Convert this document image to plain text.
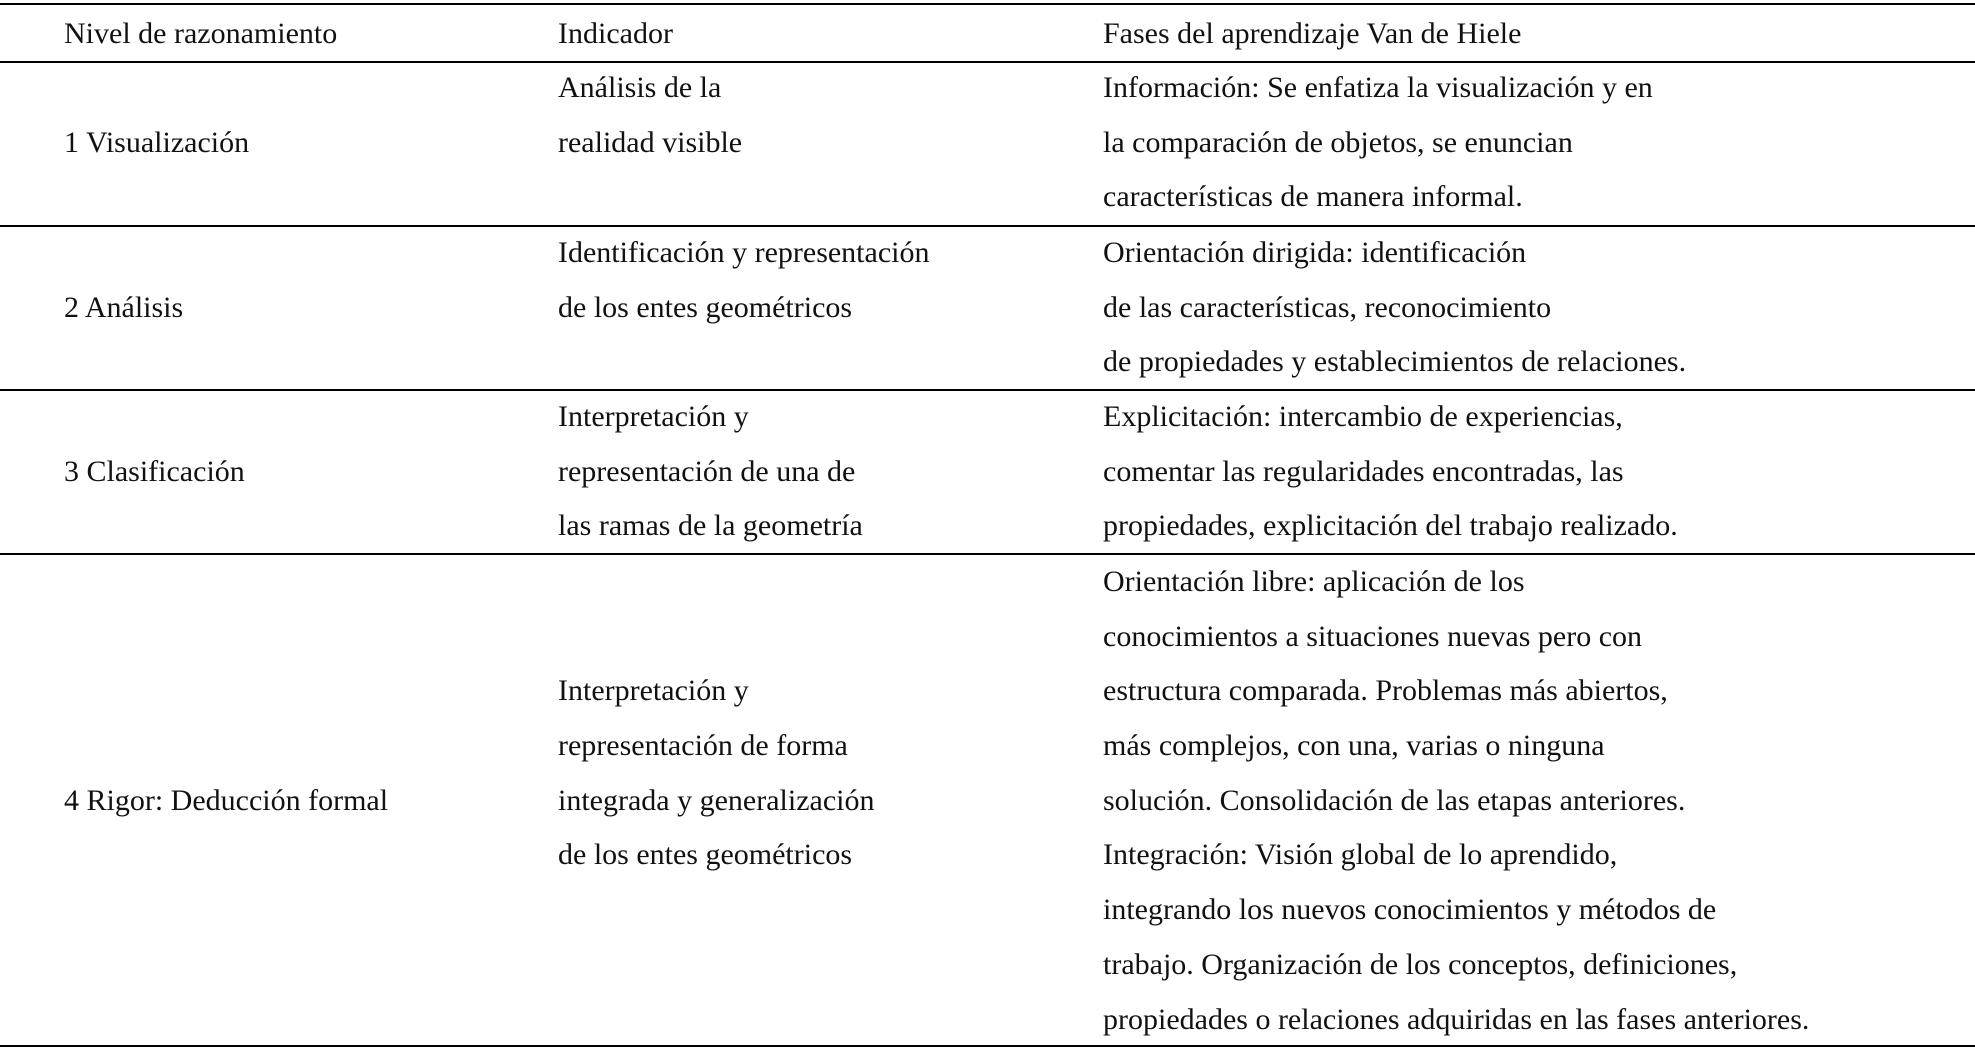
Nivel de razonamiento	Indicador	Fases del aprendizaje Van de Hiele
1 Visualización
Análisis de la
realidad visible
Información: Se enfatiza la visualización y en
la comparación de objetos, se enuncian
características de manera informal.
2 Análisis
Identificación y representación
de los entes geométricos
Orientación dirigida: identificación
de las características, reconocimiento
de propiedades y establecimientos de relaciones.
3 Clasificación
Interpretación y
representación de una de
las ramas de la geometría
Explicitación: intercambio de experiencias,
comentar las regularidades encontradas, las
propiedades, explicitación del trabajo realizado.
4 Rigor: Deducción formal
Interpretación y
representación de forma
integrada y generalización
de los entes geométricos
Orientación libre: aplicación de los
conocimientos a situaciones nuevas pero con
estructura comparada. Problemas más abiertos,
más complejos, con una, varias o ninguna
solución. Consolidación de las etapas anteriores.
Integración: Visión global de lo aprendido,
integrando los nuevos conocimientos y métodos de
trabajo. Organización de los conceptos, definiciones,
propiedades o relaciones adquiridas en las fases anteriores.
